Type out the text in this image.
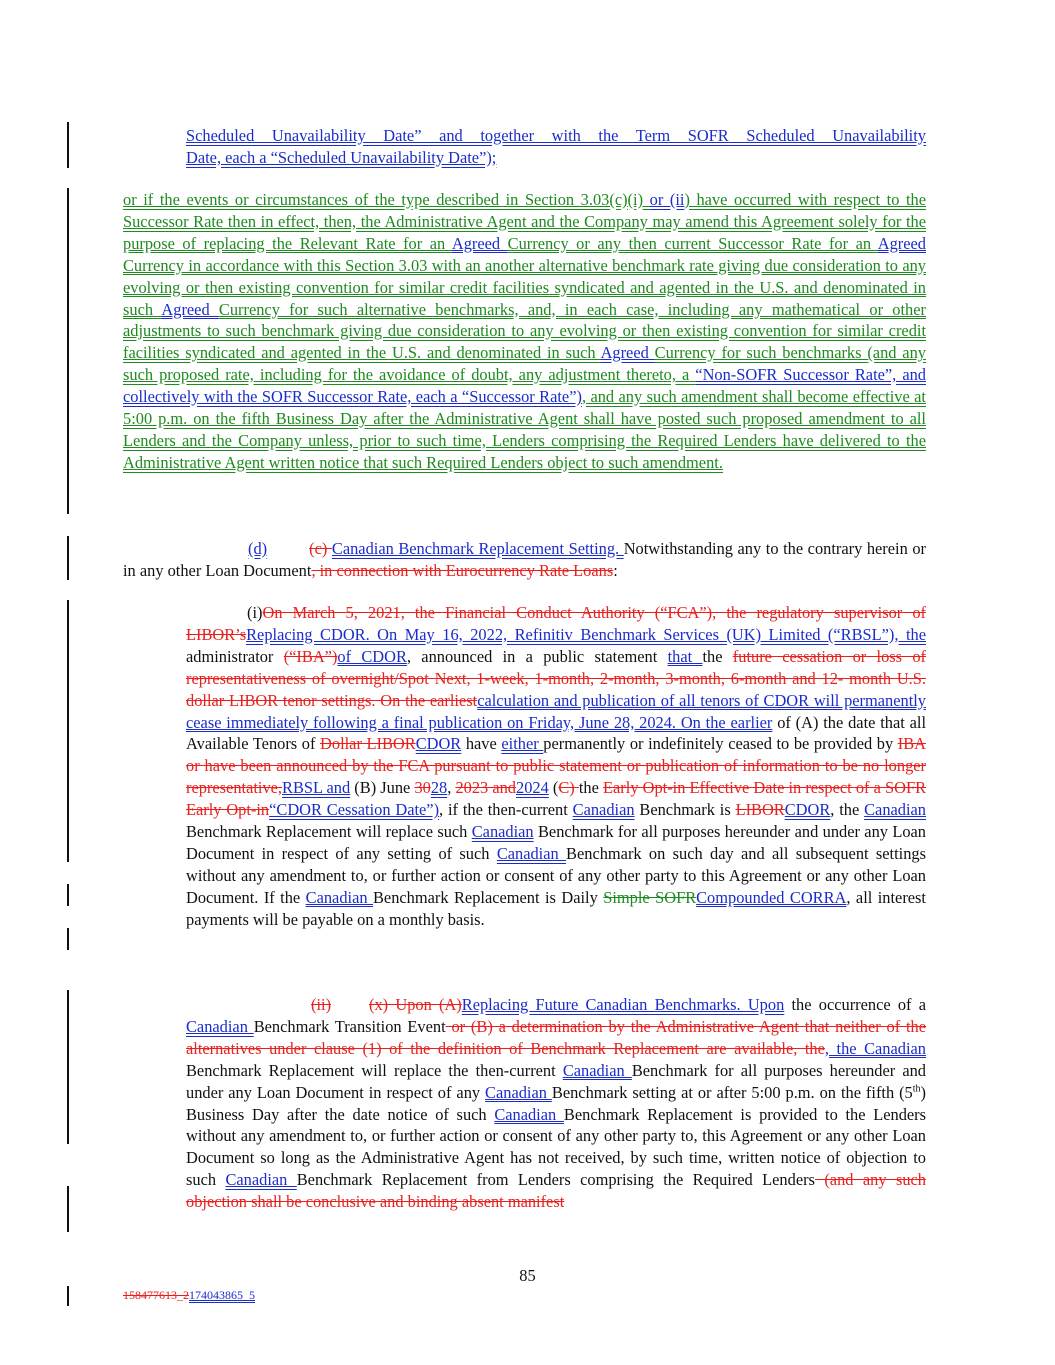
Scheduled Unavailability Date” and together with the Term SOFR Scheduled Unavailability
Date, each a “Scheduled Unavailability Date”);
or if the events or circumstances of the type described in Section 3.03(c)(i) or (ii) have occurred with respect to the Successor Rate then in effect, then, the Administrative Agent and the Company may amend this Agreement solely for the purpose of replacing the Relevant Rate for an Agreed Currency or any then current Successor Rate for an Agreed Currency in accordance with this Section 3.03 with an another alternative benchmark rate giving due consideration to any evolving or then existing convention for similar credit facilities syndicated and agented in the U.S. and denominated in such Agreed Currency for such alternative benchmarks, and, in each case, including any mathematical or other adjustments to such benchmark giving due consideration to any evolving or then existing convention for similar credit facilities syndicated and agented in the U.S. and denominated in such Agreed Currency for such benchmarks (and any such proposed rate, including for the avoidance of doubt, any adjustment thereto, a “Non-SOFR Successor Rate”, and collectively with the SOFR Successor Rate, each a “Successor Rate”), and any such amendment shall become effective at 5:00 p.m. on the fifth Business Day after the Administrative Agent shall have posted such proposed amendment to all Lenders and the Company unless, prior to such time, Lenders comprising the Required Lenders have delivered to the Administrative Agent written notice that such Required Lenders object to such amendment.
(d)	(c) Canadian Benchmark Replacement Setting. Notwithstanding any to the contrary herein or in any other Loan Document, in connection with Eurocurrency Rate Loans:
(i)On March 5, 2021, the Financial Conduct Authority (“FCA”), the regulatory supervisor of LIBOR’sReplacing CDOR. On May 16, 2022, Refinitiv Benchmark Services (UK) Limited (“RBSL”), the administrator (“IBA”)of CDOR, announced in a public statement that the future cessation or loss of representativeness of overnight/Spot Next, 1-week, 1-month, 2-month, 3-month, 6-month and 12- month U.S. dollar LIBOR tenor settings. On the earliestcalculation and publication of all tenors of CDOR will permanently cease immediately following a final publication on Friday, June 28, 2024. On the earlier of (A) the date that all Available Tenors of Dollar LIBORCDOR have either permanently or indefinitely ceased to be provided by IBA or have been announced by the FCA pursuant to public statement or publication of information to be no longer representative,RBSL and (B) June 3028, 2023 and2024 (C) the Early Opt-in Effective Date in respect of a SOFR Early Opt-in“CDOR Cessation Date”), if the then-current Canadian Benchmark is LIBORCDOR, the Canadian Benchmark Replacement will replace such Canadian Benchmark for all purposes hereunder and under any Loan Document in respect of any setting of such Canadian Benchmark on such day and all subsequent settings without any amendment to, or further action or consent of any other party to this Agreement or any other Loan Document. If the Canadian Benchmark Replacement is Daily Simple SOFRCompounded CORRA, all interest payments will be payable on a monthly basis.
(ii) (x) Upon (A)Replacing Future Canadian Benchmarks. Upon the occurrence of a Canadian Benchmark Transition Event or (B) a determination by the Administrative Agent that neither of the alternatives under clause (1) of the definition of Benchmark Replacement are available, the, the Canadian Benchmark Replacement will replace the then-current Canadian Benchmark for all purposes hereunder and under any Loan Document in respect of any Canadian Benchmark setting at or after 5:00 p.m. on the fifth (5th) Business Day after the date notice of such Canadian Benchmark Replacement is provided to the Lenders without any amendment to, or further action or consent of any other party to, this Agreement or any other Loan Document so long as the Administrative Agent has not received, by such time, written notice of objection to such Canadian Benchmark Replacement from Lenders comprising the Required Lenders (and any such objection shall be conclusive and binding absent manifest
85
158477613_2174043865_5
